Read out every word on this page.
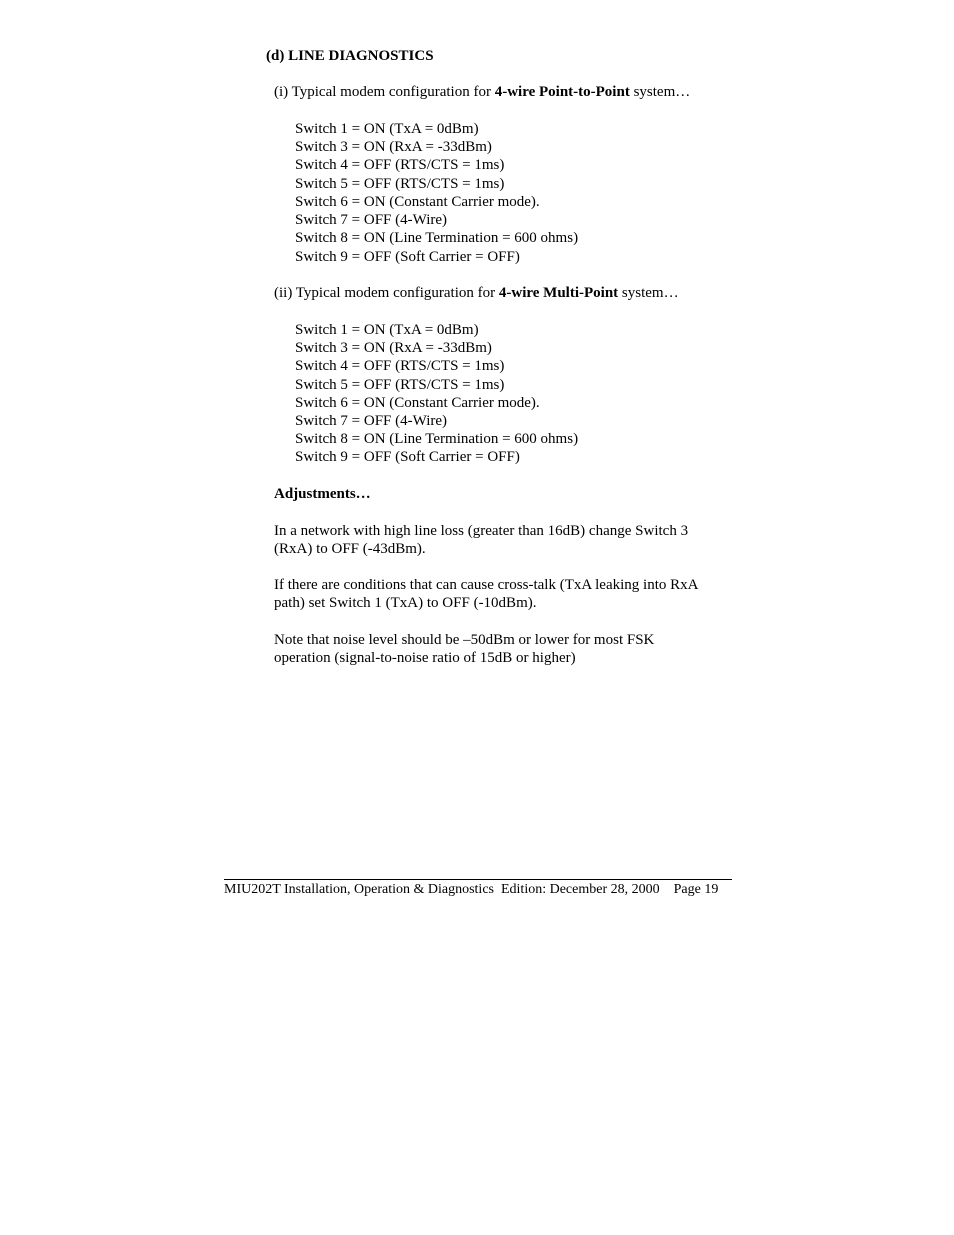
(d) LINE DIAGNOSTICS
(i) Typical modem configuration for 4-wire Point-to-Point system…
Switch 1 = ON (TxA = 0dBm)
Switch 3 = ON (RxA = -33dBm)
Switch 4 = OFF (RTS/CTS = 1ms)
Switch 5 = OFF (RTS/CTS = 1ms)
Switch 6 = ON (Constant Carrier mode).
Switch 7 = OFF (4-Wire)
Switch 8 = ON (Line Termination = 600 ohms)
Switch 9 = OFF (Soft Carrier = OFF)
(ii) Typical modem configuration for 4-wire Multi-Point system…
Switch 1 = ON (TxA = 0dBm)
Switch 3 = ON (RxA = -33dBm)
Switch 4 = OFF (RTS/CTS = 1ms)
Switch 5 = OFF (RTS/CTS = 1ms)
Switch 6 = ON (Constant Carrier mode).
Switch 7 = OFF (4-Wire)
Switch 8 = ON (Line Termination = 600 ohms)
Switch 9 = OFF (Soft Carrier = OFF)
Adjustments…
In a network with high line loss (greater than 16dB) change Switch 3
(RxA) to OFF (-43dBm).
If there are conditions that can cause cross-talk (TxA leaking into RxA
path) set Switch 1 (TxA) to OFF (-10dBm).
Note that noise level should be –50dBm or lower for most FSK
operation (signal-to-noise ratio of 15dB or higher)
MIU202T Installation, Operation & Diagnostics Edition: December 28, 2000 Page 19
